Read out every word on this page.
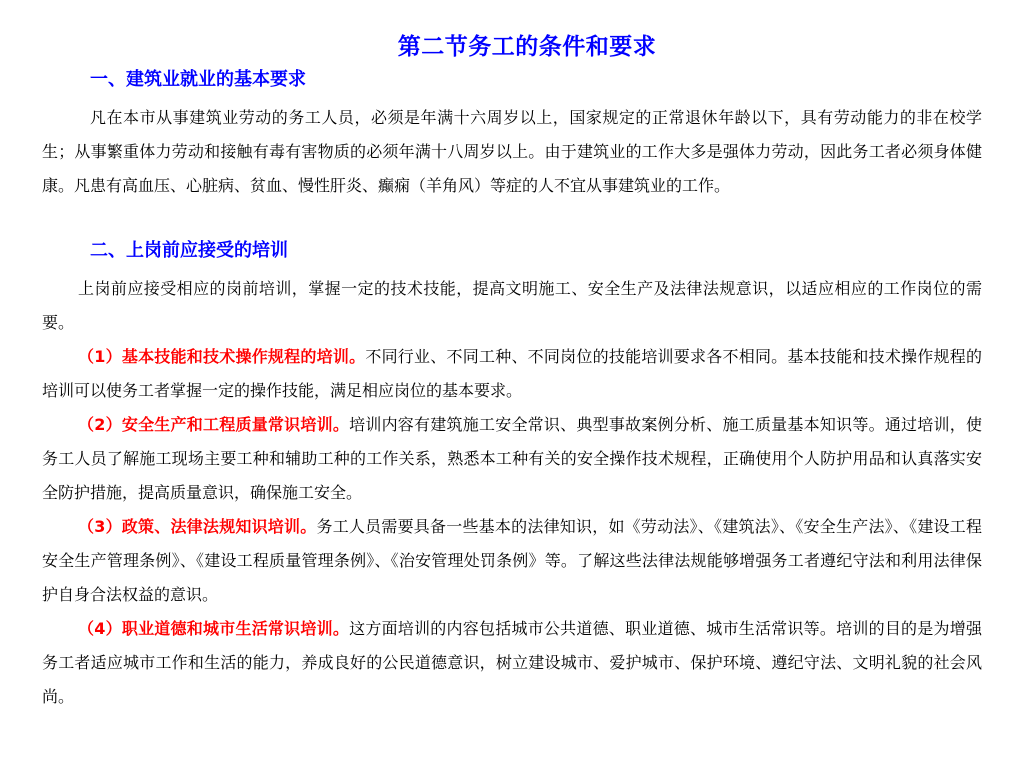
第二节务工的条件和要求
一、建筑业就业的基本要求

凡在本市从事建筑业劳动的务工人员，必须是年满十六周岁以上，国家规定的正常退休年龄以下，具有劳动能力的非在校学生；从事繁重体力劳动和接触有毒有害物质的必须年满十八周岁以上。由于建筑业的工作大多是强体力劳动，因此务工者必须身体健康。凡患有高血压、心脏病、贫血、慢性肝炎、癫痫（羊角风）等症的人不宜从事建筑业的工作。

二、上岗前应接受的培训

上岗前应接受相应的岗前培训，掌握一定的技术技能，提高文明施工、安全生产及法律法规意识，以适应相应的工作岗位的需要。

（1）基本技能和技术操作规程的培训。不同行业、不同工种、不同岗位的技能培训要求各不相同。基本技能和技术操作规程的培训可以使务工者掌握一定的操作技能，满足相应岗位的基本要求。

（2）安全生产和工程质量常识培训。培训内容有建筑施工安全常识、典型事故案例分析、施工质量基本知识等。通过培训，使务工人员了解施工现场主要工种和辅助工种的工作关系，熟悉本工种有关的安全操作技术规程，正确使用个人防护用品和认真落实安全防护措施，提高质量意识，确保施工安全。

（3）政策、法律法规知识培训。务工人员需要具备一些基本的法律知识，如《劳动法》、《建筑法》、《安全生产法》、《建设工程安全生产管理条例》、《建设工程质量管理条例》、《治安管理处罚条例》等。了解这些法律法规能够增强务工者遵纪守法和利用法律保护自身合法权益的意识。

（4）职业道德和城市生活常识培训。这方面培训的内容包括城市公共道德、职业道德、城市生活常识等。培训的目的是为增强务工者适应城市工作和生活的能力，养成良好的公民道德意识，树立建设城市、爱护城市、保护环境、遵纪守法、文明礼貌的社会风尚。
